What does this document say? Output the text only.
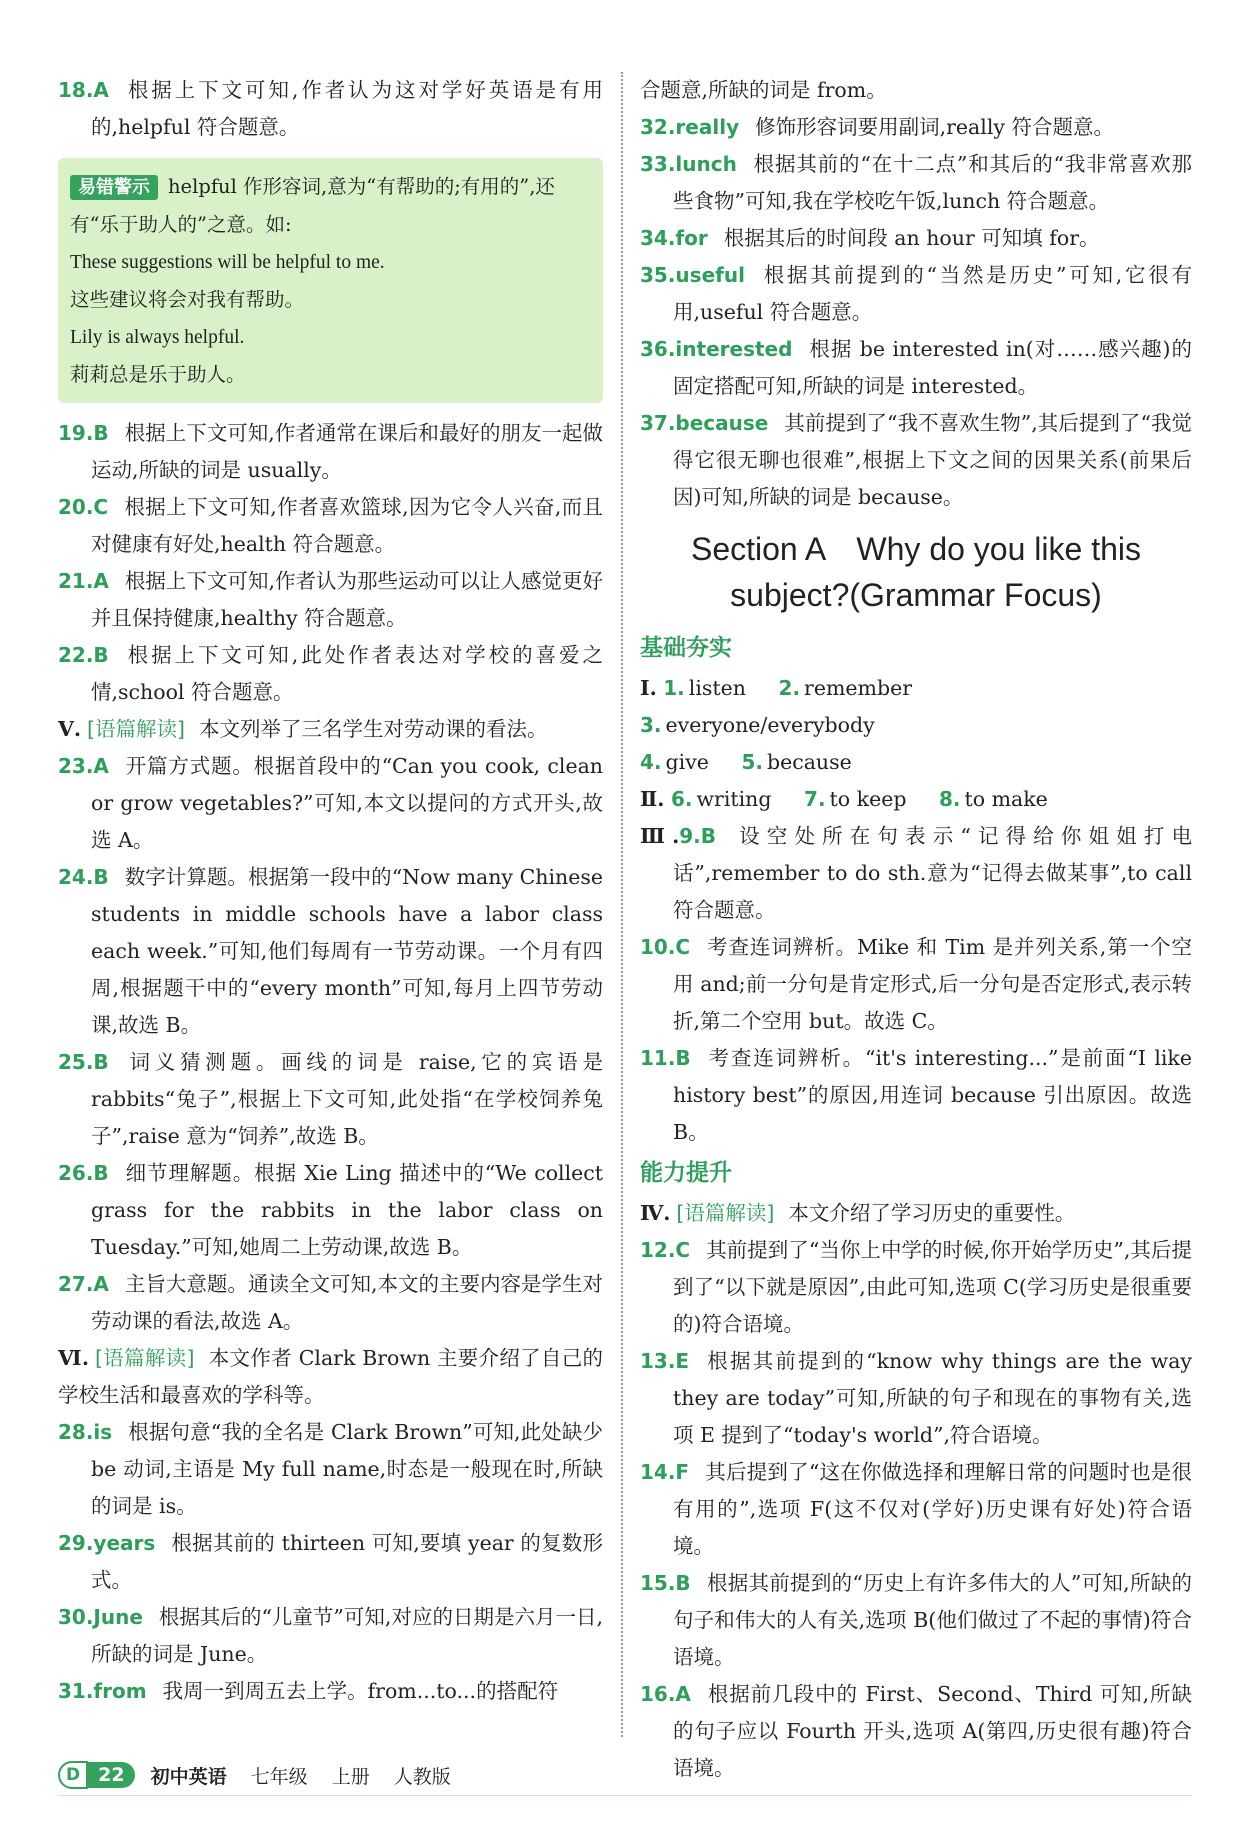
18.A 根据上下文可知,作者认为这对学好英语是有用的,helpful 符合题意。
易错警示 helpful 作形容词,意为“有帮助的;有用的”,还有“乐于助人的”之意。如:
These suggestions will be helpful to me.
这些建议将会对我有帮助。
Lily is always helpful.
莉莉总是乐于助人。
19.B 根据上下文可知,作者通常在课后和最好的朋友一起做运动,所缺的词是 usually。
20.C 根据上下文可知,作者喜欢篮球,因为它令人兴奋,而且对健康有好处,health 符合题意。
21.A 根据上下文可知,作者认为那些运动可以让人感觉更好并且保持健康,healthy 符合题意。
22.B 根据上下文可知,此处作者表达对学校的喜爱之情,school 符合题意。
Ⅴ. [语篇解读] 本文列举了三名学生对劳动课的看法。
23.A 开篇方式题。根据首段中的“Can you cook, clean or grow vegetables?”可知,本文以提问的方式开头,故选 A。
24.B 数字计算题。根据第一段中的“Now many Chinese students in middle schools have a labor class each week.”可知,他们每周有一节劳动课。一个月有四周,根据题干中的“every month”可知,每月上四节劳动课,故选 B。
25.B 词义猜测题。画线的词是 raise,它的宾语是 rabbits“兔子”,根据上下文可知,此处指“在学校饲养兔子”,raise 意为“饲养”,故选 B。
26.B 细节理解题。根据 Xie Ling 描述中的“We collect grass for the rabbits in the labor class on Tuesday.”可知,她周二上劳动课,故选 B。
27.A 主旨大意题。通读全文可知,本文的主要内容是学生对劳动课的看法,故选 A。
Ⅵ. [语篇解读] 本文作者 Clark Brown 主要介绍了自己的学校生活和最喜欢的学科等。
28.is 根据句意“我的全名是 Clark Brown”可知,此处缺少 be 动词,主语是 My full name,时态是一般现在时,所缺的词是 is。
29.years 根据其前的 thirteen 可知,要填 year 的复数形式。
30.June 根据其后的“儿童节”可知,对应的日期是六月一日,所缺的词是 June。
31.from 我周一到周五去上学。from...to...的搭配符
合题意,所缺的词是 from。
32.really 修饰形容词要用副词,really 符合题意。
33.lunch 根据其前的“在十二点”和其后的“我非常喜欢那些食物”可知,我在学校吃午饭,lunch 符合题意。
34.for 根据其后的时间段 an hour 可知填 for。
35.useful 根据其前提到的“当然是历史”可知,它很有用,useful 符合题意。
36.interested 根据 be interested in(对……感兴趣)的固定搭配可知,所缺的词是 interested。
37.because 其前提到了“我不喜欢生物”,其后提到了“我觉得它很无聊也很难”,根据上下文之间的因果关系(前果后因)可知,所缺的词是 because。
Section A　Why do you like this
subject?(Grammar Focus)
基础夯实
Ⅰ. 1. listen 2. remember 3. everyone/everybody
4. give 5. because
Ⅱ. 6. writing 7. to keep 8. to make
Ⅲ.9.B 设空处所在句表示“记得给你姐姐打电话”,remember to do sth.意为“记得去做某事”,to call 符合题意。
10.C 考查连词辨析。Mike 和 Tim 是并列关系,第一个空用 and;前一分句是肯定形式,后一分句是否定形式,表示转折,第二个空用 but。故选 C。
11.B 考查连词辨析。“it's interesting...”是前面“I like history best”的原因,用连词 because 引出原因。故选 B。
能力提升
Ⅳ. [语篇解读] 本文介绍了学习历史的重要性。
12.C 其前提到了“当你上中学的时候,你开始学历史”,其后提到了“以下就是原因”,由此可知,选项 C(学习历史是很重要的)符合语境。
13.E 根据其前提到的“know why things are the way they are today”可知,所缺的句子和现在的事物有关,选项 E 提到了“today's world”,符合语境。
14.F 其后提到了“这在你做选择和理解日常的问题时也是很有用的”,选项 F(这不仅对(学好)历史课有好处)符合语境。
15.B 根据其前提到的“历史上有许多伟大的人”可知,所缺的句子和伟大的人有关,选项 B(他们做过了不起的事情)符合语境。
16.A 根据前几段中的 First、Second、Third 可知,所缺的句子应以 Fourth 开头,选项 A(第四,历史很有趣)符合语境。
D 22	初中英语 七年级 上册 人教版
